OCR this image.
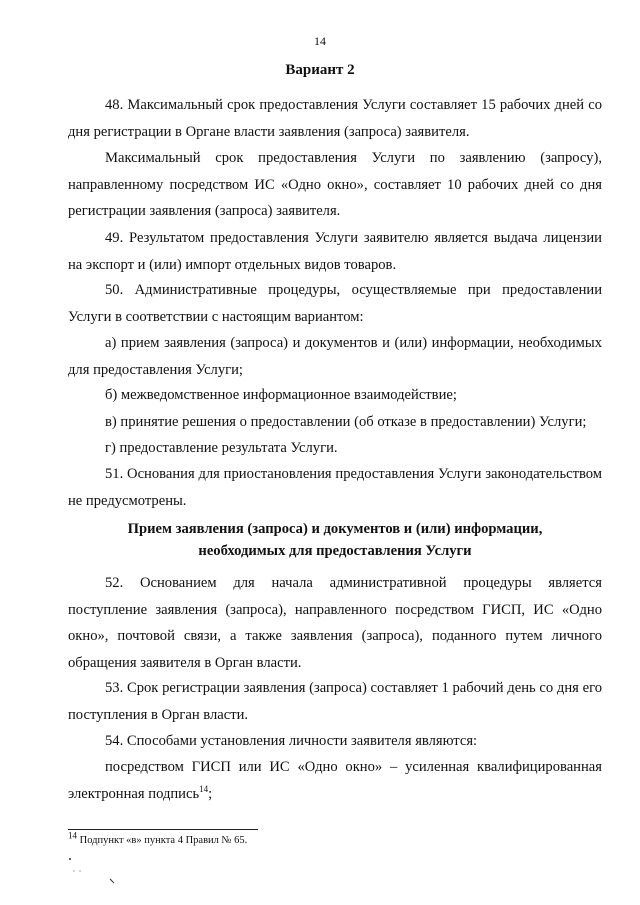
14
Вариант 2
48. Максимальный срок предоставления Услуги составляет 15 рабочих дней со дня регистрации в Органе власти заявления (запроса) заявителя.
Максимальный срок предоставления Услуги по заявлению (запросу), направленному посредством ИС «Одно окно», составляет 10 рабочих дней со дня регистрации заявления (запроса) заявителя.
49. Результатом предоставления Услуги заявителю является выдача лицензии на экспорт и (или) импорт отдельных видов товаров.
50. Административные процедуры, осуществляемые при предоставлении Услуги в соответствии с настоящим вариантом:
а) прием заявления (запроса) и документов и (или) информации, необходимых для предоставления Услуги;
б) межведомственное информационное взаимодействие;
в) принятие решения о предоставлении (об отказе в предоставлении) Услуги;
г) предоставление результата Услуги.
51. Основания для приостановления предоставления Услуги законодательством не предусмотрены.
Прием заявления (запроса) и документов и (или) информации,
необходимых для предоставления Услуги
52. Основанием для начала административной процедуры является поступление заявления (запроса), направленного посредством ГИСП, ИС «Одно окно», почтовой связи, а также заявления (запроса), поданного путем личного обращения заявителя в Орган власти.
53. Срок регистрации заявления (запроса) составляет 1 рабочий день со дня его поступления в Орган власти.
54. Способами установления личности заявителя являются:
посредством ГИСП или ИС «Одно окно» – усиленная квалифицированная электронная подпись$^{14}$;
$^{14}$ Подпункт «в» пункта 4 Правил № 65.
